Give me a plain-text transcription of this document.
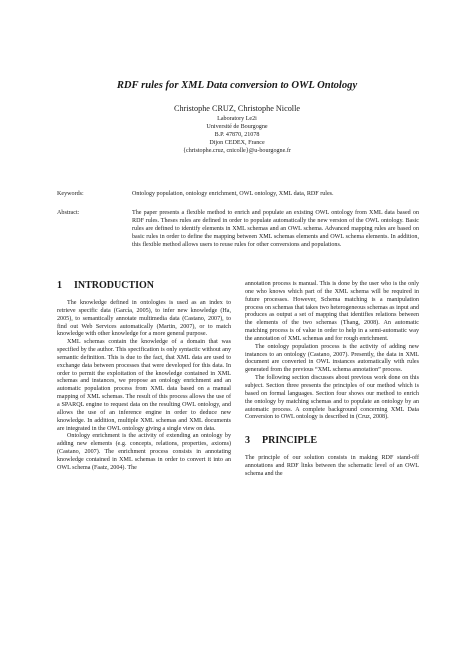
RDF rules for XML Data conversion to OWL Ontology
Christophe CRUZ, Christophe Nicolle
Laboratory Le2i
Université de Bourgogne
B.P. 47870, 21078
Dijon CEDEX, France
{christophe.cruz, cnicolle}@u-bourgogne.fr
Keywords:	Ontology population, ontology enrichment, OWL ontology, XML data, RDF rules.
Abstract:	The paper presents a flexible method to enrich and populate an existing OWL ontology from XML data based on RDF rules. Theses rules are defined in order to populate automatically the new version of the OWL ontology. Basic rules are defined to identify elements in XML schemas and an OWL schema. Advanced mapping rules are based on basic rules in order to define the mapping between XML schemas elements and OWL schema elements. In addition, this flexible method allows users to reuse rules for other conversions and populations.
1	INTRODUCTION

The knowledge defined in ontologies is used as an index to retrieve specific data (García, 2005), to infer new knowledge (Ha, 2005), to semantically annotate multimedia data (Castano, 2007), to find out Web Services automatically (Martin, 2007), or to match knowledge with other knowledge for a more general purpose.

XML schemas contain the knowledge of a domain that was specified by the author. This specification is only syntactic without any semantic definition. This is due to the fact, that XML data are used to exchange data between processes that were developed for this data. In order to permit the exploitation of the knowledge contained in XML schemas and instances, we propose an ontology enrichment and an automatic population process from XML data based on a manual mapping of XML schemas. The result of this process allows the use of a SPARQL engine to request data on the resulting OWL ontology, and allows the use of an inference engine in order to deduce new knowledge. In addition, multiple XML schemas and XML documents are integrated in the OWL ontology giving a single view on data.

Ontology enrichment is the activity of extending an ontology by adding new elements (e.g. concepts, relations, properties, axioms) (Castano, 2007). The enrichment process consists in annotating knowledge contained in XML schemas in order to convert it into an OWL schema (Faatz, 2004). The

annotation process is manual. This is done by the user who is the only one who knows which part of the XML schema will be required in future processes. However, Schema matching is a manipulation process on schemas that takes two heterogeneous schemas as input and produces as output a set of mapping that identifies relations between the elements of the two schemas (Thang, 2008). An automatic matching process is of value in order to help in a semi-automatic way the annotation of XML schemas and for rough enrichment.

The ontology population process is the activity of adding new instances to an ontology (Castano, 2007). Presently, the data in XML document are converted in OWL instances automatically with rules generated from the previous “XML schema annotation” process.

The following section discusses about previous work done on this subject. Section three presents the principles of our method which is based on formal languages. Section four shows our method to enrich the ontology by matching schemas and to populate an ontology by an automatic process. A complete background concerning XML Data Conversion to OWL ontology is described in (Cruz, 2008).

3	PRINCIPLE

The principle of our solution consists in making RDF stand-off annotations and RDF links between the schematic level of an OWL schema and the
